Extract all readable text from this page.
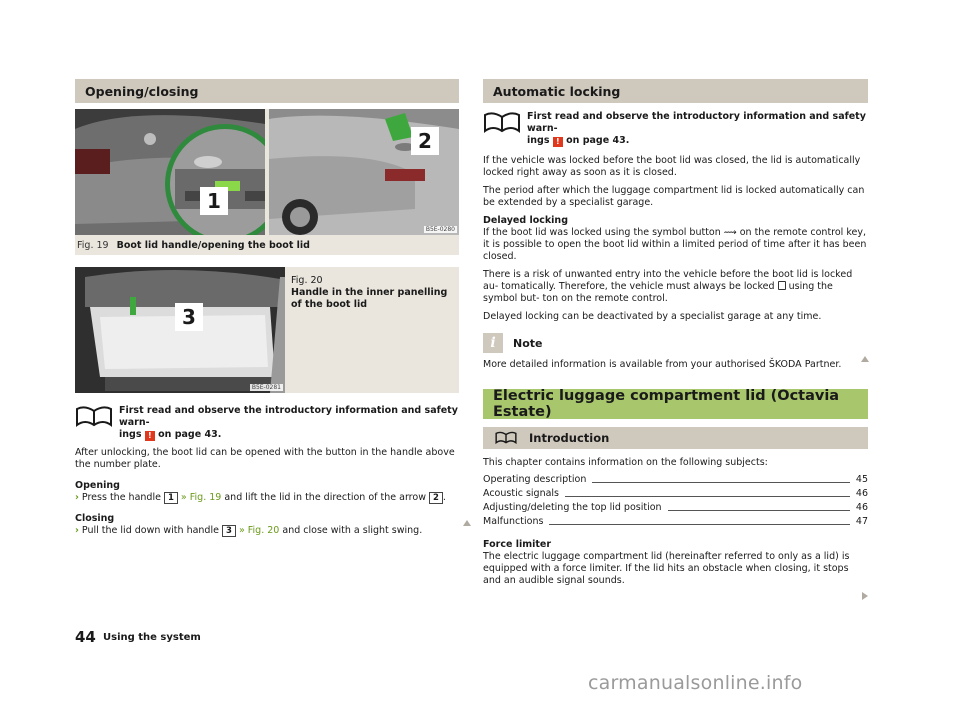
Opening/closing
1
2
B5E-0280
Fig. 19 Boot lid handle/opening the boot lid
3
B5E-0281
Fig. 20
Handle in the inner panelling of the boot lid
First read and observe the introductory information and safety warn-
ings ! on page 43.

After unlocking, the boot lid can be opened with the button in the handle above the number plate.

Opening

› Press the handle 1 » Fig. 19 and lift the lid in the direction of the arrow 2 .

Closing

› Pull the lid down with handle 3 » Fig. 20 and close with a slight swing.

Automatic locking
First read and observe the introductory information and safety warn-
ings ! on page 43.

If the vehicle was locked before the boot lid was closed, the lid is automatically locked right away as soon as it is closed.

The period after which the luggage compartment lid is locked automatically can be extended by a specialist garage.

Delayed locking

If the boot lid was locked using the symbol button ⟿ on the remote control key, it is possible to open the boot lid within a limited period of time after it has been closed.

There is a risk of unwanted entry into the vehicle before the boot lid is locked au- tomatically. Therefore, the vehicle must always be locked using the symbol but- ton on the remote control.

Delayed locking can be deactivated by a specialist garage at any time.

i	Note

More detailed information is available from your authorised ŠKODA Partner.

Electric luggage compartment lid (Octavia Estate)
Introduction

This chapter contains information on the following subjects:

Operating description	45
Acoustic signals	46
Adjusting/deleting the top lid position	46
Malfunctions	47

Force limiter

The electric luggage compartment lid (hereinafter referred to only as a lid) is equipped with a force limiter. If the lid hits an obstacle when closing, it stops and an audible signal sounds.

44 Using the system
carmanualsonline.info
